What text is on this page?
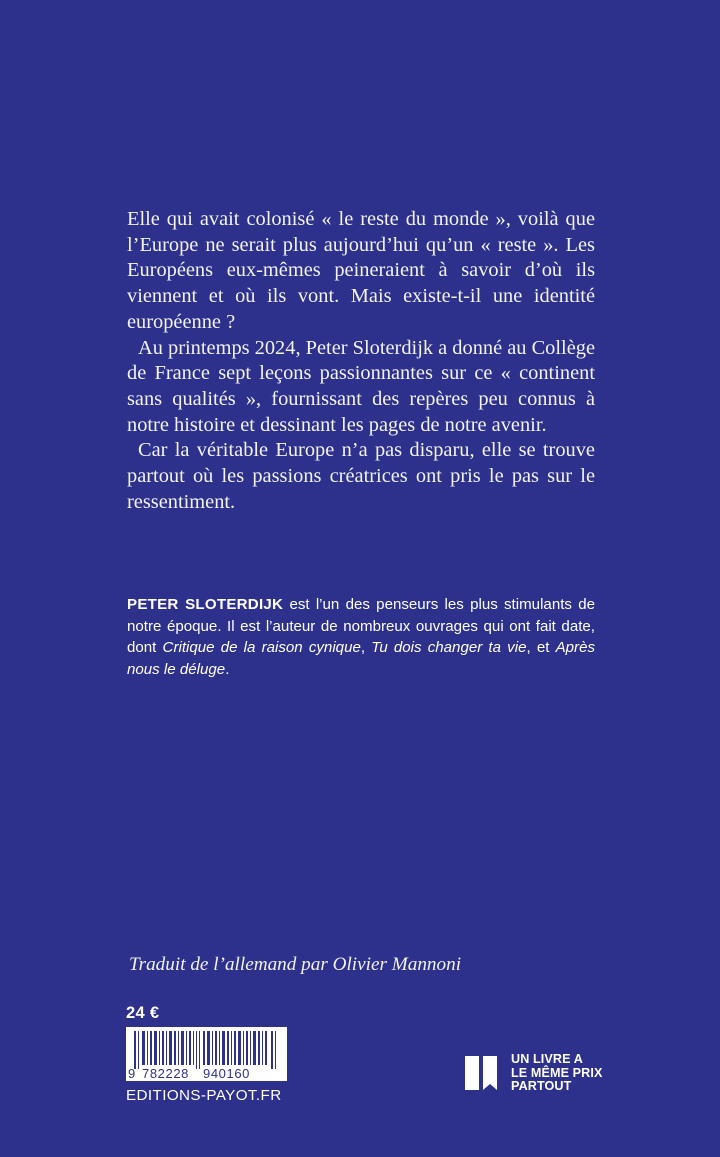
Elle qui avait colonisé « le reste du monde », voilà que l’Europe ne serait plus aujourd’hui qu’un « reste ». Les Européens eux-mêmes peineraient à savoir d’où ils viennent et où ils vont. Mais existe-t-il une identité européenne ?

Au printemps 2024, Peter Sloterdijk a donné au Collège de France sept leçons passionnantes sur ce « continent sans qualités », fournissant des repères peu connus à notre histoire et dessinant les pages de notre avenir.

Car la véritable Europe n’a pas disparu, elle se trouve partout où les passions créatrices ont pris le pas sur le ressentiment.

PETER SLOTERDIJK est l’un des penseurs les plus stimulants de notre époque. Il est l’auteur de nombreux ouvrages qui ont fait date, dont Critique de la raison cynique, Tu dois changer ta vie, et Après nous le déluge.

Traduit de l’allemand par Olivier Mannoni
24 €
9 782228 940160
EDITIONS-PAYOT.FR
UN LIVRE A
LE MÊME PRIX
PARTOUT
